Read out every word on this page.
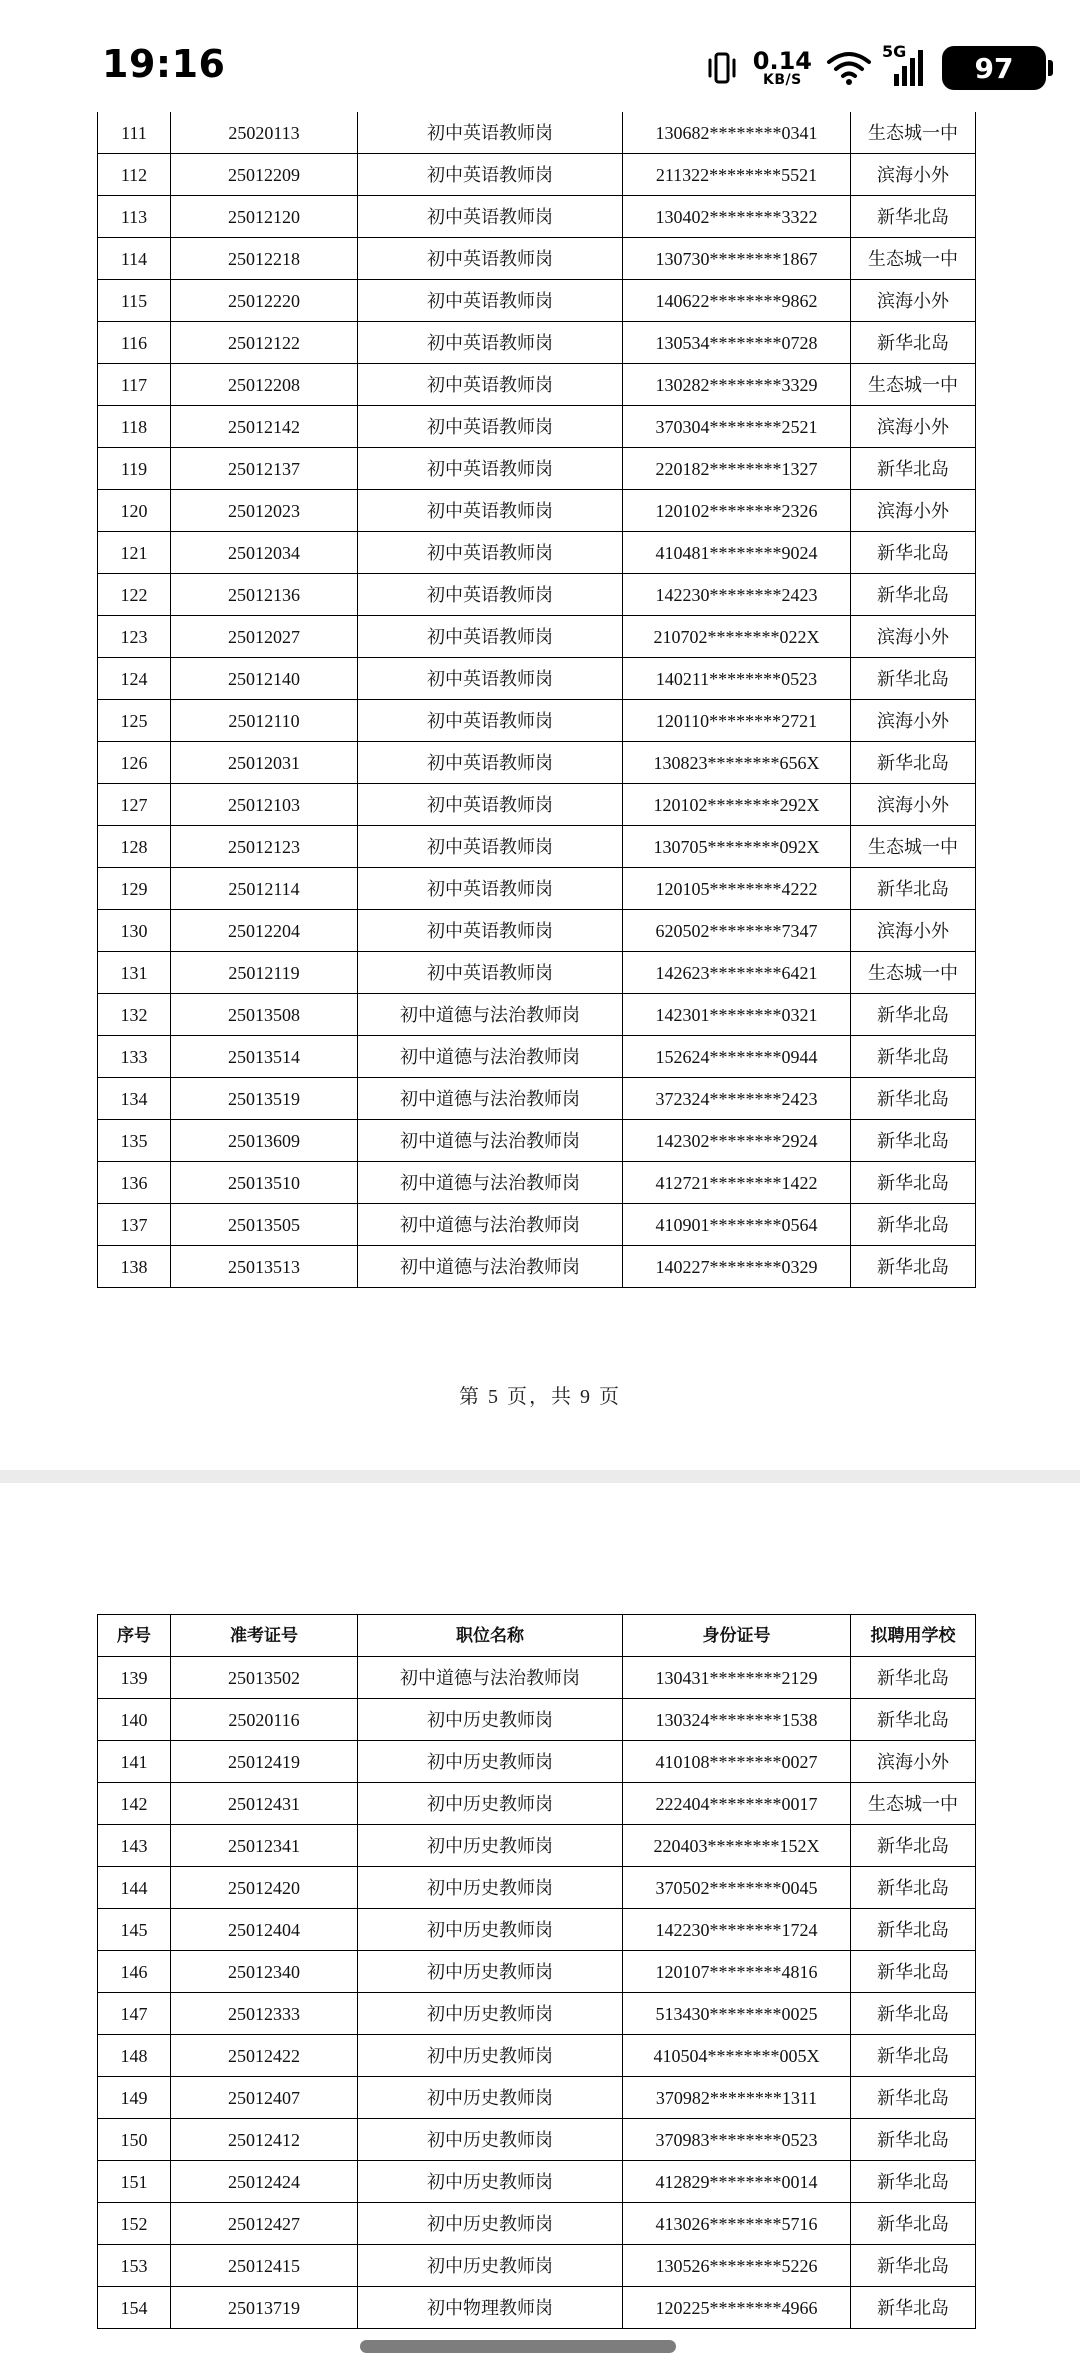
19:16	0.14
KB/S
5G 97
111	25020113	初中英语教师岗	130682********0341	生态城一中
112	25012209	初中英语教师岗	211322********5521	滨海小外
113	25012120	初中英语教师岗	130402********3322	新华北岛
114	25012218	初中英语教师岗	130730********1867	生态城一中
115	25012220	初中英语教师岗	140622********9862	滨海小外
116	25012122	初中英语教师岗	130534********0728	新华北岛
117	25012208	初中英语教师岗	130282********3329	生态城一中
118	25012142	初中英语教师岗	370304********2521	滨海小外
119	25012137	初中英语教师岗	220182********1327	新华北岛
120	25012023	初中英语教师岗	120102********2326	滨海小外
121	25012034	初中英语教师岗	410481********9024	新华北岛
122	25012136	初中英语教师岗	142230********2423	新华北岛
123	25012027	初中英语教师岗	210702********022X	滨海小外
124	25012140	初中英语教师岗	140211********0523	新华北岛
125	25012110	初中英语教师岗	120110********2721	滨海小外
126	25012031	初中英语教师岗	130823********656X	新华北岛
127	25012103	初中英语教师岗	120102********292X	滨海小外
128	25012123	初中英语教师岗	130705********092X	生态城一中
129	25012114	初中英语教师岗	120105********4222	新华北岛
130	25012204	初中英语教师岗	620502********7347	滨海小外
131	25012119	初中英语教师岗	142623********6421	生态城一中
132	25013508	初中道德与法治教师岗	142301********0321	新华北岛
133	25013514	初中道德与法治教师岗	152624********0944	新华北岛
134	25013519	初中道德与法治教师岗	372324********2423	新华北岛
135	25013609	初中道德与法治教师岗	142302********2924	新华北岛
136	25013510	初中道德与法治教师岗	412721********1422	新华北岛
137	25013505	初中道德与法治教师岗	410901********0564	新华北岛
138	25013513	初中道德与法治教师岗	140227********0329	新华北岛
第 5 页，共 9 页
序号	准考证号	职位名称	身份证号	拟聘用学校
139	25013502	初中道德与法治教师岗	130431********2129	新华北岛
140	25020116	初中历史教师岗	130324********1538	新华北岛
141	25012419	初中历史教师岗	410108********0027	滨海小外
142	25012431	初中历史教师岗	222404********0017	生态城一中
143	25012341	初中历史教师岗	220403********152X	新华北岛
144	25012420	初中历史教师岗	370502********0045	新华北岛
145	25012404	初中历史教师岗	142230********1724	新华北岛
146	25012340	初中历史教师岗	120107********4816	新华北岛
147	25012333	初中历史教师岗	513430********0025	新华北岛
148	25012422	初中历史教师岗	410504********005X	新华北岛
149	25012407	初中历史教师岗	370982********1311	新华北岛
150	25012412	初中历史教师岗	370983********0523	新华北岛
151	25012424	初中历史教师岗	412829********0014	新华北岛
152	25012427	初中历史教师岗	413026********5716	新华北岛
153	25012415	初中历史教师岗	130526********5226	新华北岛
154	25013719	初中物理教师岗	120225********4966	新华北岛
